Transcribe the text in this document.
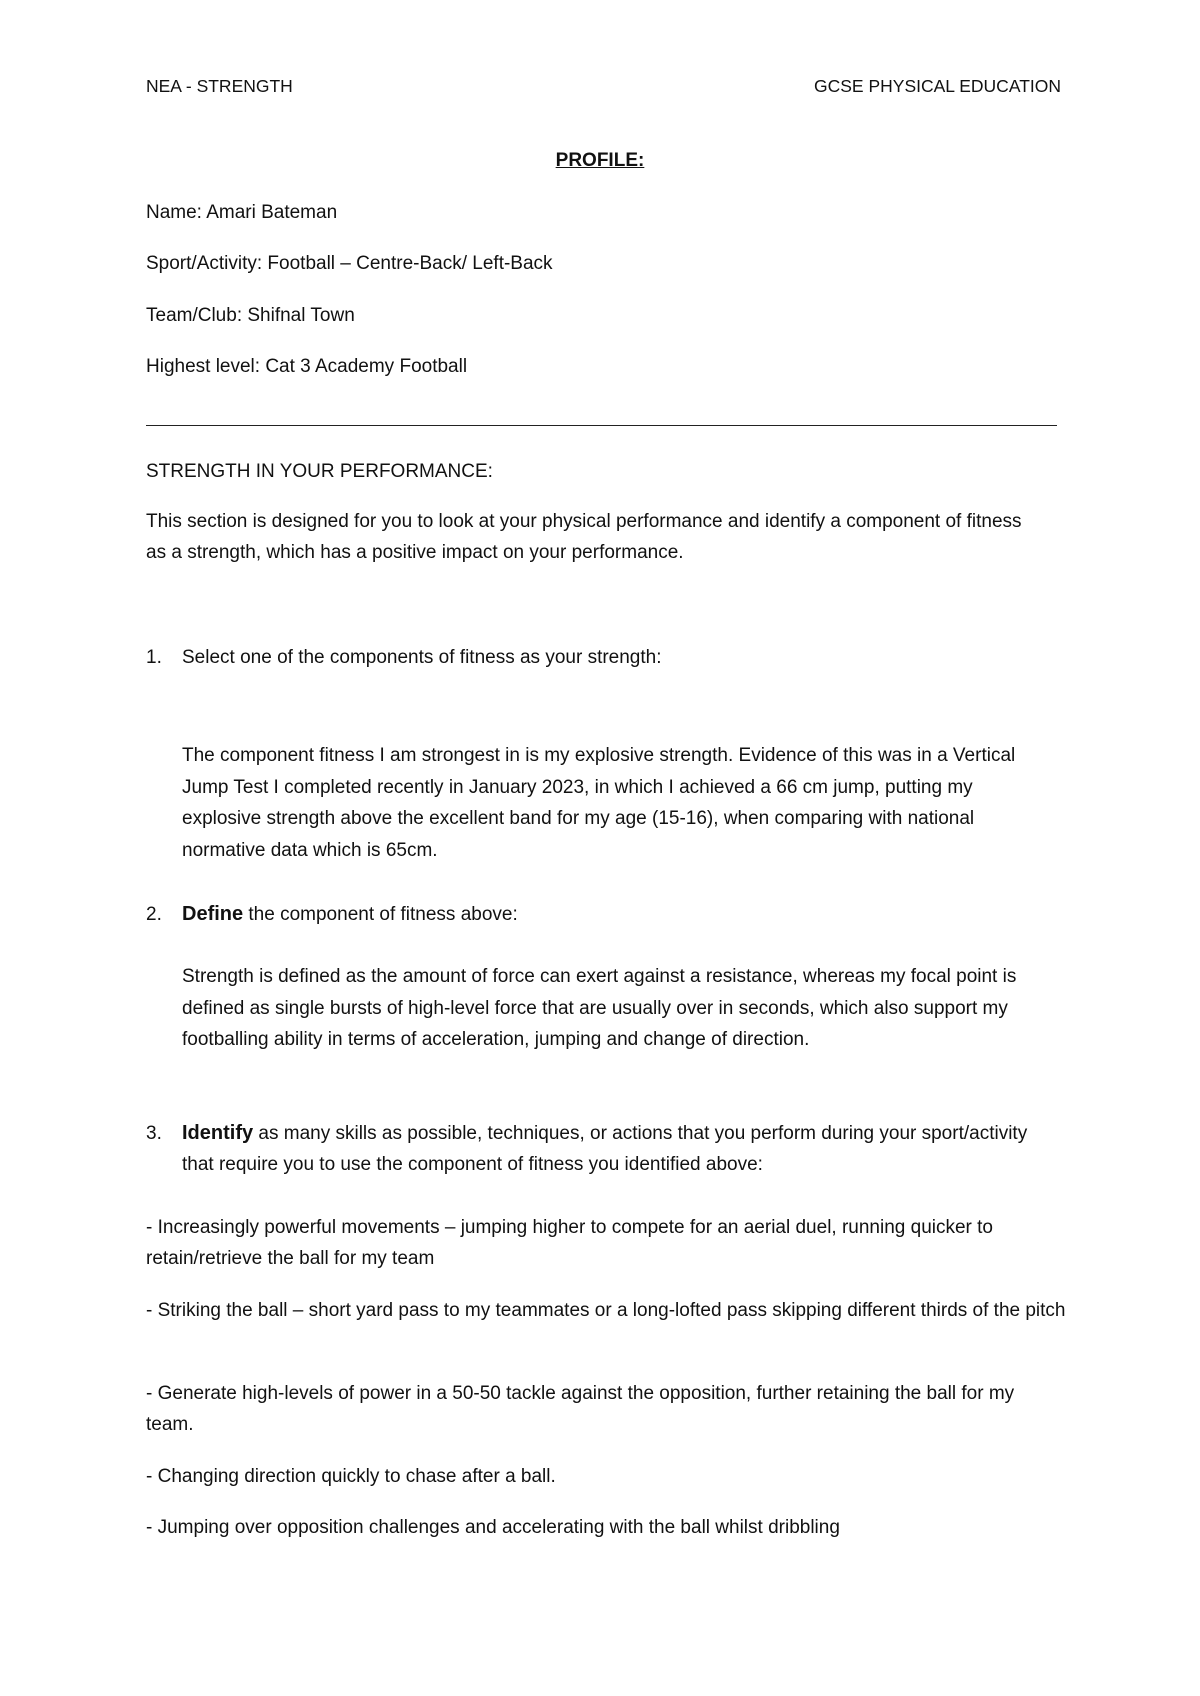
NEA - STRENGTH	GCSE PHYSICAL EDUCATION
PROFILE:
Name: Amari Bateman
Sport/Activity: Football – Centre-Back/ Left-Back
Team/Club: Shifnal Town
Highest level: Cat 3 Academy Football
STRENGTH IN YOUR PERFORMANCE:
This section is designed for you to look at your physical performance and identify a component of fitness as a strength, which has a positive impact on your performance.
1.	Select one of the components of fitness as your strength:
The component fitness I am strongest in is my explosive strength. Evidence of this was in a Vertical Jump Test I completed recently in January 2023, in which I achieved a 66 cm jump, putting my explosive strength above the excellent band for my age (15-16), when comparing with national normative data which is 65cm.
2.	Define the component of fitness above:
Strength is defined as the amount of force can exert against a resistance, whereas my focal point is defined as single bursts of high-level force that are usually over in seconds, which also support my footballing ability in terms of acceleration, jumping and change of direction.
3.	Identify as many skills as possible, techniques, or actions that you perform during your sport/activity that require you to use the component of fitness you identified above:
- Increasingly powerful movements – jumping higher to compete for an aerial duel, running quicker to retain/retrieve the ball for my team
- Striking the ball – short yard pass to my teammates or a long-lofted pass skipping different thirds of the pitch
- Generate high-levels of power in a 50-50 tackle against the opposition, further retaining the ball for my team.
- Changing direction quickly to chase after a ball.
- Jumping over opposition challenges and accelerating with the ball whilst dribbling
